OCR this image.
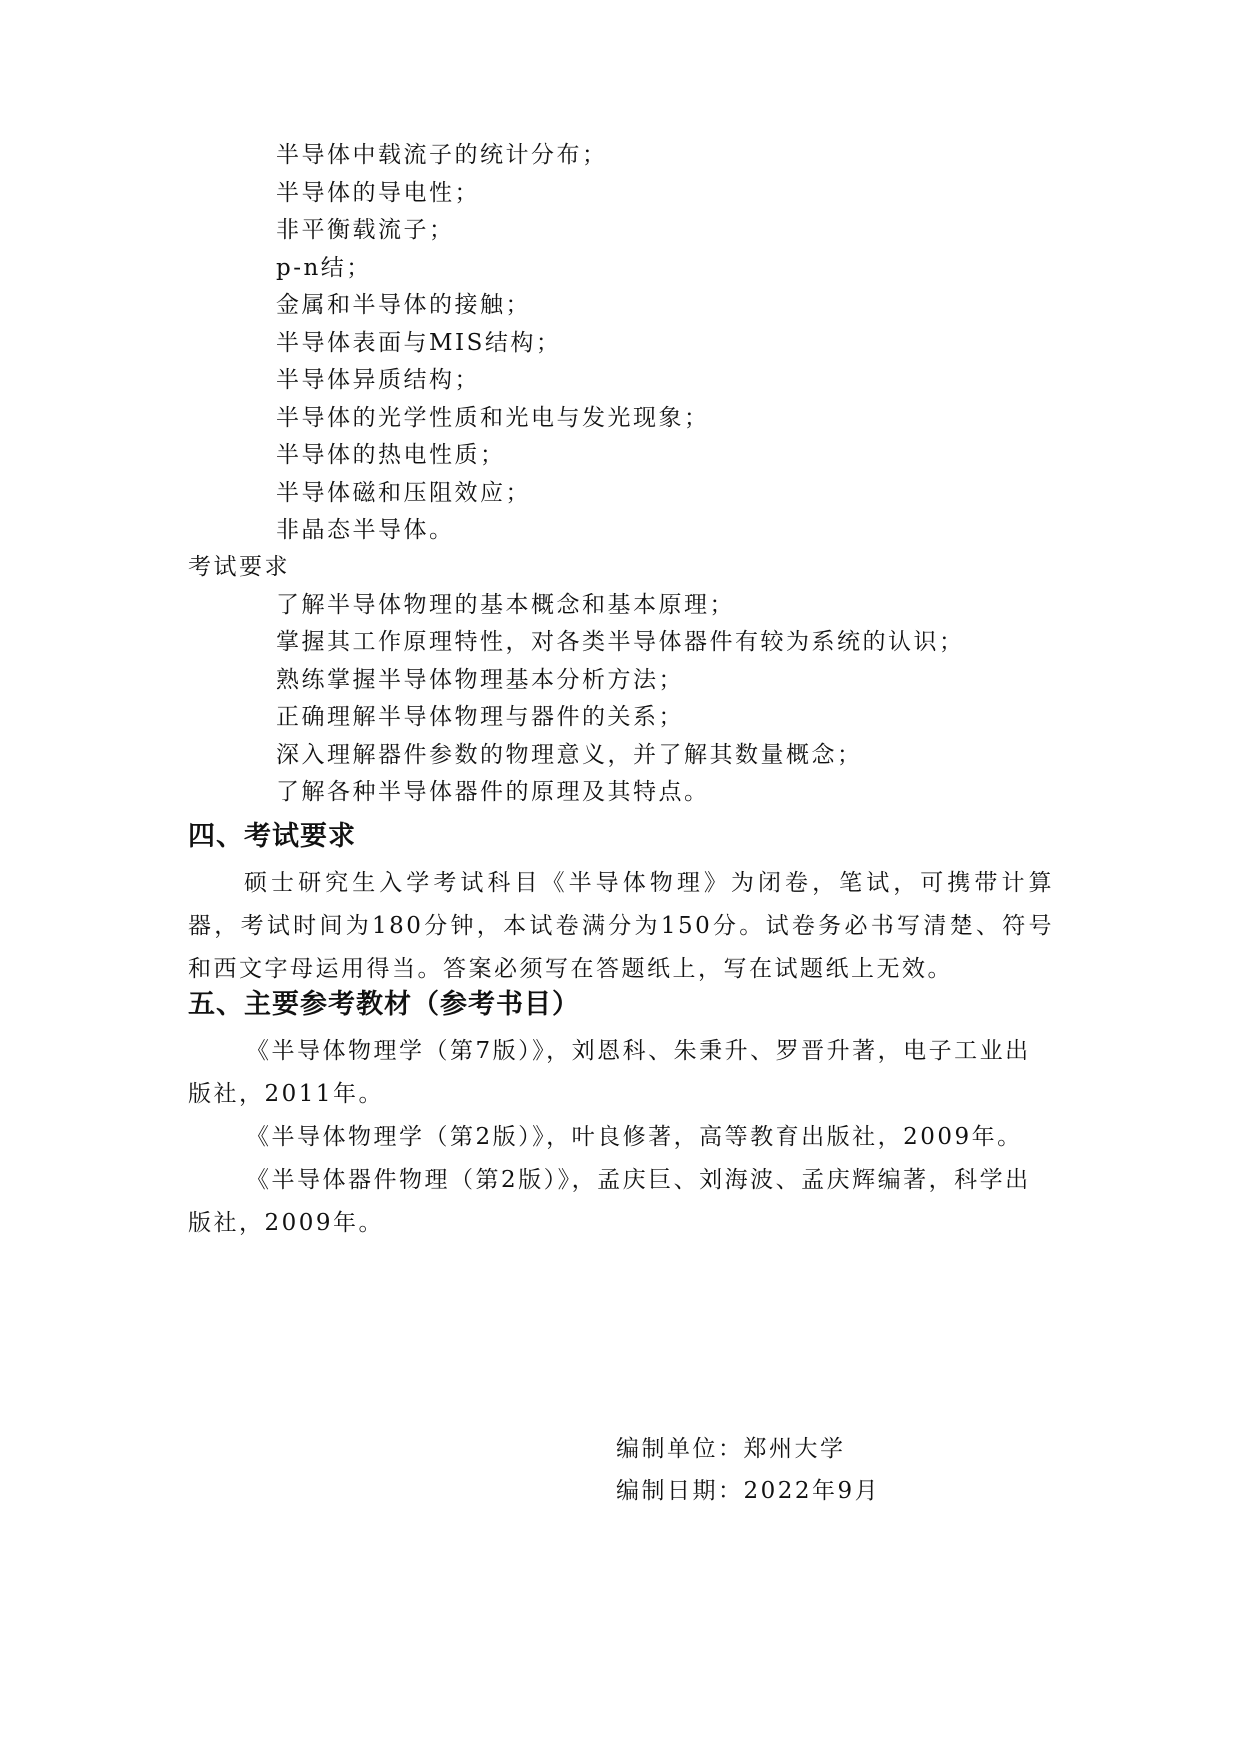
半导体中载流子的统计分布；
半导体的导电性；
非平衡载流子；
p-n结；
金属和半导体的接触；
半导体表面与MIS结构；
半导体异质结构；
半导体的光学性质和光电与发光现象；
半导体的热电性质；
半导体磁和压阻效应；
非晶态半导体。
考试要求
了解半导体物理的基本概念和基本原理；
掌握其工作原理特性，对各类半导体器件有较为系统的认识；
熟练掌握半导体物理基本分析方法；
正确理解半导体物理与器件的关系；
深入理解器件参数的物理意义，并了解其数量概念；
了解各种半导体器件的原理及其特点。
四、考试要求

硕士研究生入学考试科目《半导体物理》为闭卷，笔试，可携带计算器，考试时间为180分钟，本试卷满分为150分。试卷务必书写清楚、符号和西文字母运用得当。答案必须写在答题纸上，写在试题纸上无效。

五、主要参考教材（参考书目）

《半导体物理学（第7版）》，刘恩科、朱秉升、罗晋升著，电子工业出版社，2011年。

《半导体物理学（第2版）》，叶良修著，高等教育出版社，2009年。

《半导体器件物理（第2版）》，孟庆巨、刘海波、孟庆辉编著，科学出版社，2009年。

编制单位：郑州大学
编制日期：2022年9月
